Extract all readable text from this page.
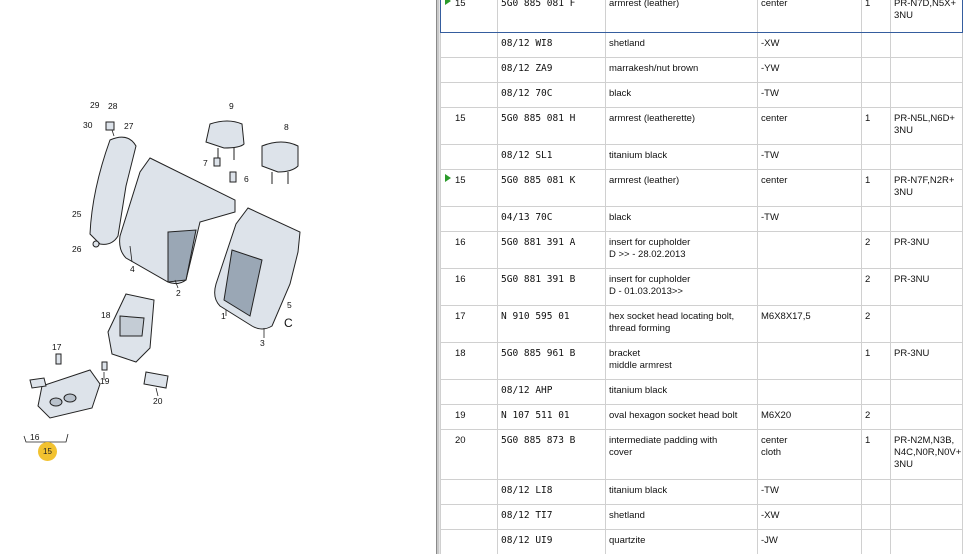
29 28
30	27
9
8
7
6
25
26
4
2
1
3
5
C
18
17
19
20
16
15
15	5G0 885 081 F	armrest (leather)	center	1	PR-N7D,N5X+
3NU
	08/12 WI8	shetland	-XW		
	08/12 ZA9	marrakesh/nut brown	-YW		
	08/12 70C	black	-TW		
15	5G0 885 081 H	armrest (leatherette)	center	1	PR-N5L,N6D+
3NU
	08/12 SL1	titanium black	-TW		

15	5G0 885 081 K	armrest (leather)	center	1	PR-N7F,N2R+
3NU
	04/13 70C	black	-TW		
16	5G0 881 391 A	insert for cupholder
D >> - 28.02.2013		2	PR-3NU
16	5G0 881 391 B	insert for cupholder
D - 01.03.2013>>		2	PR-3NU
17	N 910 595 01	hex socket head locating bolt,
thread forming	M6X8X17,5	2	
18	5G0 885 961 B	bracket
middle armrest		1	PR-3NU
	08/12 AHP	titanium black			
19	N 107 511 01	oval hexagon socket head bolt	M6X20	2	
20	5G0 885 873 B	intermediate padding with
cover	center
cloth	1	PR-N2M,N3B,
N4C,N0R,N0V+
3NU
	08/12 LI8	titanium black	-TW		
	08/12 TI7	shetland	-XW		
	08/12 UI9	quartzite	-JW		
